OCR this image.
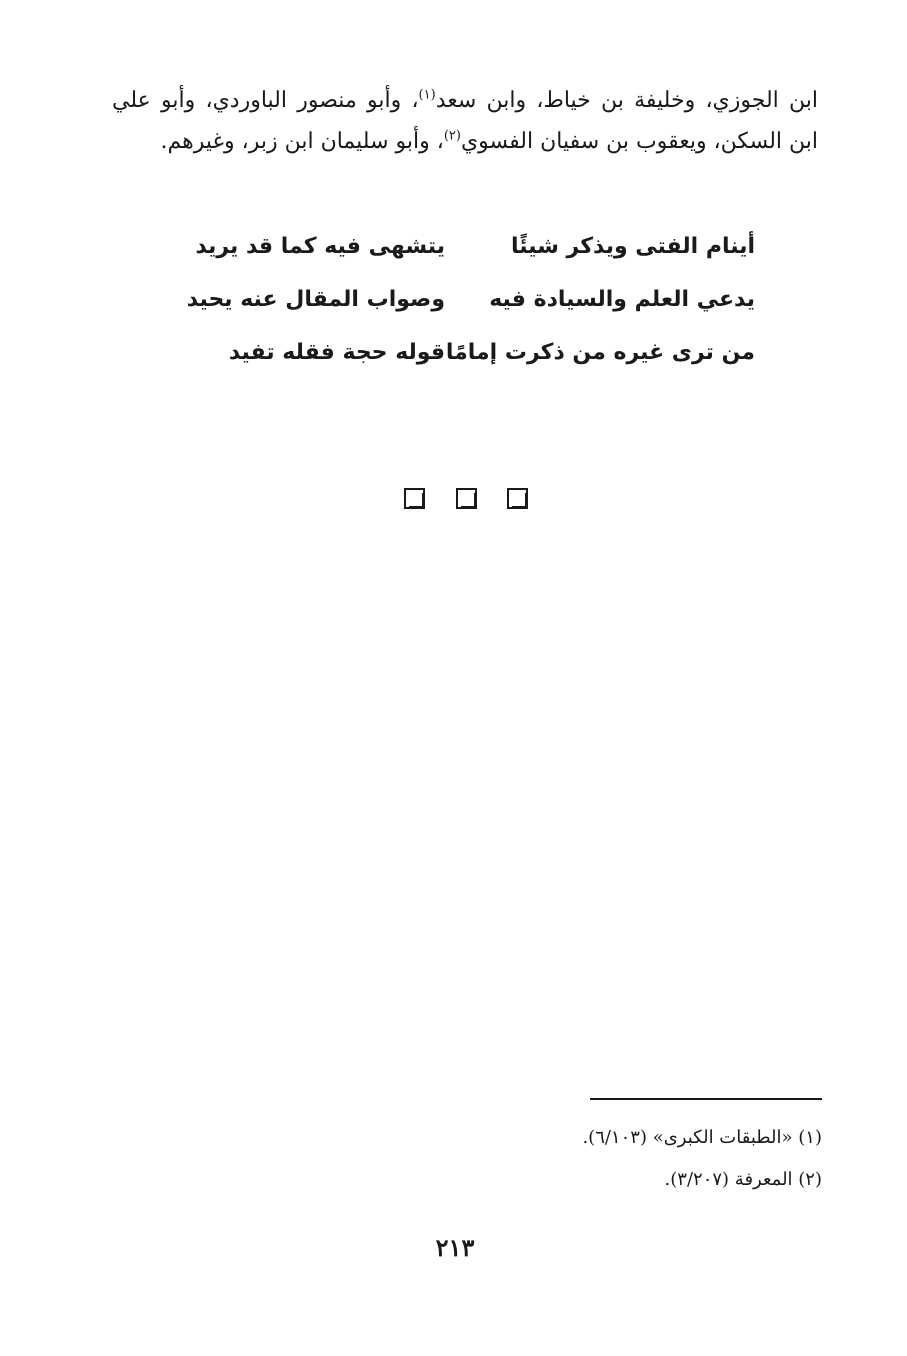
ابن الجوزي، وخليفة بن خياط، وابن سعد$^{(١)}$، وأبو منصور الباوردي، وأبو علي ابن السكن، ويعقوب بن سفيان الفسوي$^{(٢)}$، وأبو سليمان ابن زبر، وغيرهم.

أينام الفتى ويذكر شيئًا
يتشهى فيه كما قد يريد
يدعي العلم والسيادة فيه
وصواب المقال عنه يحيد
من ترى غيره من ذكرت إمامًا
قوله حجة فقله تفيد
(١) «الطبقات الكبرى» (٦/١٠٣).
(٢) المعرفة (٣/٢٠٧).
٢١٣
